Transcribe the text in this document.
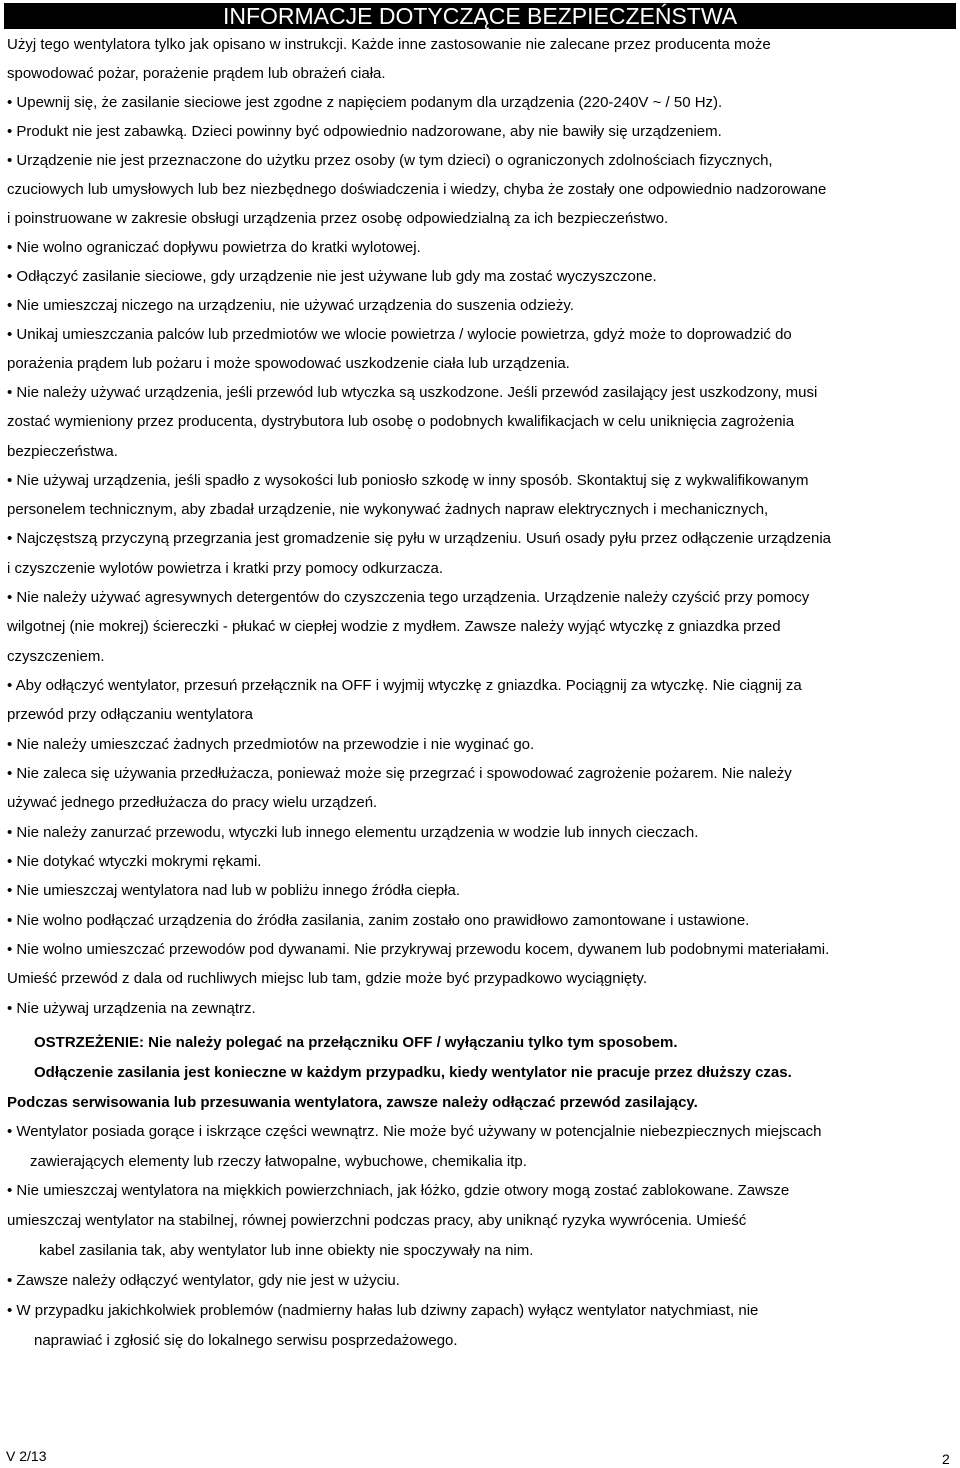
INFORMACJE DOTYCZĄCE BEZPIECZEŃSTWA
Użyj tego wentylatora tylko jak opisano w instrukcji. Każde inne zastosowanie nie zalecane przez producenta może
spowodować pożar, porażenie prądem lub obrażeń ciała.
• Upewnij się, że zasilanie sieciowe jest zgodne z napięciem podanym dla urządzenia (220-240V ~ / 50 Hz).
• Produkt nie jest zabawką. Dzieci powinny być odpowiednio nadzorowane, aby nie bawiły się urządzeniem.
• Urządzenie nie jest przeznaczone do użytku przez osoby (w tym dzieci) o ograniczonych zdolnościach fizycznych,
czuciowych lub umysłowych lub bez niezbędnego doświadczenia i wiedzy, chyba że zostały one odpowiednio nadzorowane
i poinstruowane w zakresie obsługi urządzenia przez osobę odpowiedzialną za ich bezpieczeństwo.
• Nie wolno ograniczać dopływu powietrza do kratki wylotowej.
• Odłączyć zasilanie sieciowe, gdy urządzenie nie jest używane lub gdy ma zostać wyczyszczone.
• Nie umieszczaj niczego na urządzeniu, nie używać urządzenia do suszenia odzieży.
• Unikaj umieszczania palców lub przedmiotów we wlocie powietrza / wylocie powietrza, gdyż może to doprowadzić do
porażenia prądem lub pożaru i może spowodować uszkodzenie ciała lub urządzenia.
• Nie należy używać urządzenia, jeśli przewód lub wtyczka są uszkodzone. Jeśli przewód zasilający jest uszkodzony, musi
zostać wymieniony przez producenta, dystrybutora lub osobę o podobnych kwalifikacjach w celu uniknięcia zagrożenia
bezpieczeństwa.
• Nie używaj urządzenia, jeśli spadło z wysokości lub poniosło szkodę w inny sposób. Skontaktuj się z wykwalifikowanym
personelem technicznym, aby zbadał urządzenie, nie wykonywać żadnych napraw elektrycznych i mechanicznych,
• Najczęstszą przyczyną przegrzania jest gromadzenie się pyłu w urządzeniu. Usuń osady pyłu przez odłączenie urządzenia
i czyszczenie wylotów powietrza i kratki przy pomocy odkurzacza.
• Nie należy używać agresywnych detergentów do czyszczenia tego urządzenia. Urządzenie należy czyścić przy pomocy
wilgotnej (nie mokrej) ściereczki - płukać w ciepłej wodzie z mydłem. Zawsze należy wyjąć wtyczkę z gniazdka przed
czyszczeniem.
• Aby odłączyć wentylator, przesuń przełącznik na OFF i wyjmij wtyczkę z gniazdka. Pociągnij za wtyczkę. Nie ciągnij za
przewód przy odłączaniu wentylatora
• Nie należy umieszczać żadnych przedmiotów na przewodzie i nie wyginać go.
• Nie zaleca się używania przedłużacza, ponieważ może się przegrzać i spowodować zagrożenie pożarem. Nie należy
używać jednego przedłużacza do pracy wielu urządzeń.
• Nie należy zanurzać przewodu, wtyczki lub innego elementu urządzenia w wodzie lub innych cieczach.
• Nie dotykać wtyczki mokrymi rękami.
• Nie umieszczaj wentylatora nad lub w pobliżu innego źródła ciepła.
• Nie wolno podłączać urządzenia do źródła zasilania, zanim zostało ono prawidłowo zamontowane i ustawione.
• Nie wolno umieszczać przewodów pod dywanami. Nie przykrywaj przewodu kocem, dywanem lub podobnymi materiałami.
Umieść przewód z dala od ruchliwych miejsc lub tam, gdzie może być przypadkowo wyciągnięty.
• Nie używaj urządzenia na zewnątrz.
OSTRZEŻENIE: Nie należy polegać na przełączniku OFF / wyłączaniu tylko tym sposobem.
Odłączenie zasilania jest konieczne w każdym przypadku, kiedy wentylator nie pracuje przez dłuższy czas.
Podczas serwisowania lub przesuwania wentylatora, zawsze należy odłączać przewód zasilający.
• Wentylator posiada gorące i iskrzące części wewnątrz. Nie może być używany w potencjalnie niebezpiecznych miejscach
zawierających elementy lub rzeczy łatwopalne, wybuchowe, chemikalia itp.
• Nie umieszczaj wentylatora na miękkich powierzchniach, jak łóżko, gdzie otwory mogą zostać zablokowane. Zawsze
umieszczaj wentylator na stabilnej, równej powierzchni podczas pracy, aby uniknąć ryzyka wywrócenia. Umieść
kabel zasilania tak, aby wentylator lub inne obiekty nie spoczywały na nim.
• Zawsze należy odłączyć wentylator, gdy nie jest w użyciu.
• W przypadku jakichkolwiek problemów (nadmierny hałas lub dziwny zapach) wyłącz wentylator natychmiast, nie
naprawiać i zgłosić się do lokalnego serwisu posprzedażowego.
V 2/13	2
